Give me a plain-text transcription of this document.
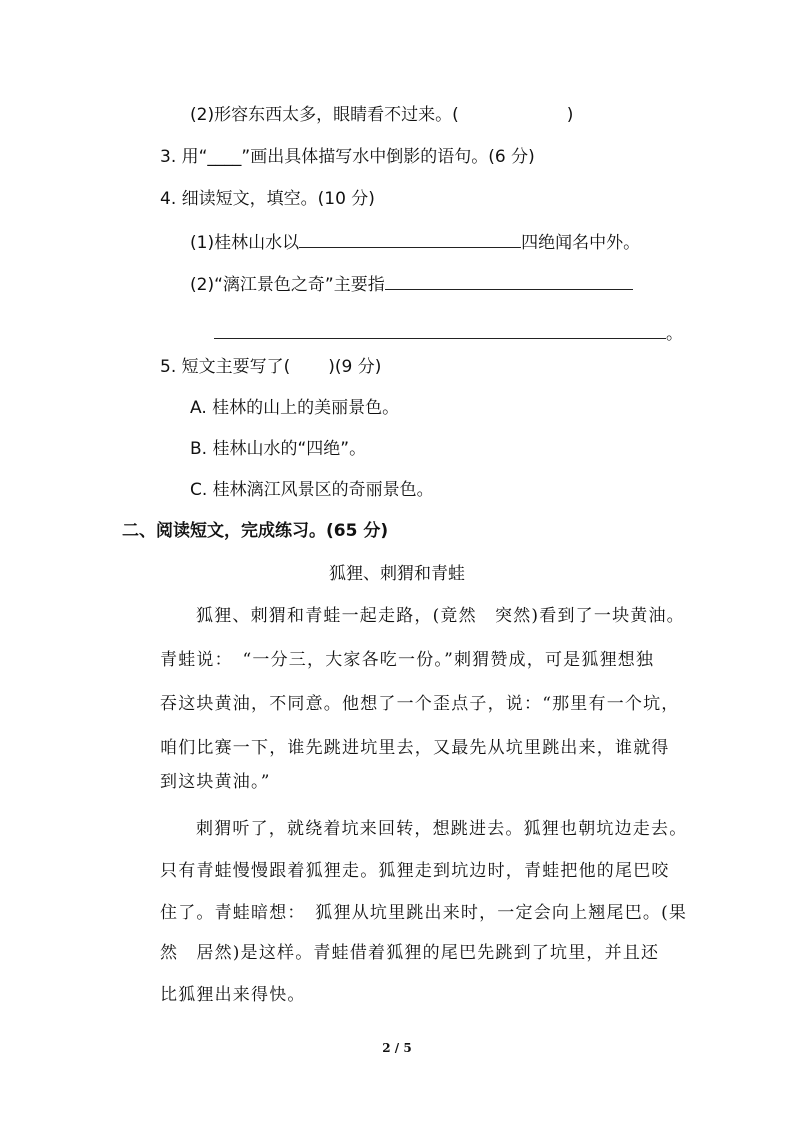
(2)形容东西太多，眼睛看不过来。(	)
3. 用“____”画出具体描写水中倒影的语句。(6 分)
4. 细读短文，填空。(10 分)
(1)桂林山水以	四绝闻名中外。
(2)“漓江景色之奇”主要指
。
5. 短文主要写了( )(9 分)
A. 桂林的山上的美丽景色。
B. 桂林山水的“四绝”。
C. 桂林漓江风景区的奇丽景色。
二、阅读短文，完成练习。(65 分)
狐狸、刺猬和青蛙
狐狸、刺猬和青蛙一起走路，(竟然　突然)看到了一块黄油。
青蛙说：　“一分三，大家各吃一份。”刺猬赞成，可是狐狸想独
吞这块黄油，不同意。他想了一个歪点子，说：“那里有一个坑，
咱们比赛一下，谁先跳进坑里去，又最先从坑里跳出来，谁就得
到这块黄油。”
刺猬听了，就绕着坑来回转，想跳进去。狐狸也朝坑边走去。
只有青蛙慢慢跟着狐狸走。狐狸走到坑边时，青蛙把他的尾巴咬
住了。青蛙暗想：　狐狸从坑里跳出来时，一定会向上翘尾巴。(果
然　居然)是这样。青蛙借着狐狸的尾巴先跳到了坑里，并且还
比狐狸出来得快。
2 / 5
